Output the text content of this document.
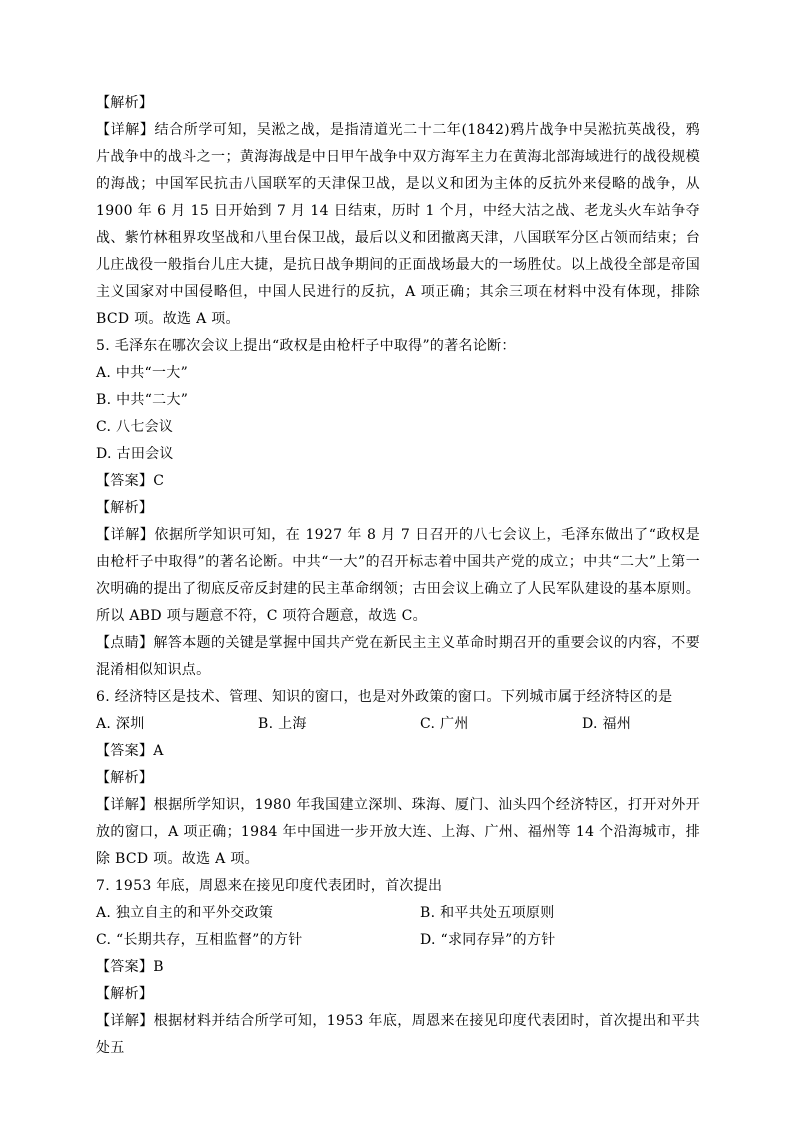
【解析】
【详解】结合所学可知，吴淞之战，是指清道光二十二年(1842)鸦片战争中吴淞抗英战役，鸦片战争中的战斗之一；黄海海战是中日甲午战争中双方海军主力在黄海北部海域进行的战役规模的海战；中国军民抗击八国联军的天津保卫战，是以义和团为主体的反抗外来侵略的战争，从 1900 年 6 月 15 日开始到 7 月 14 日结束，历时 1 个月，中经大沽之战、老龙头火车站争夺战、紫竹林租界攻坚战和八里台保卫战，最后以义和团撤离天津，八国联军分区占领而结束；台儿庄战役一般指台儿庄大捷，是抗日战争期间的正面战场最大的一场胜仗。以上战役全部是帝国主义国家对中国侵略但，中国人民进行的反抗，A 项正确；其余三项在材料中没有体现，排除 BCD 项。故选 A 项。
5. 毛泽东在哪次会议上提出“政权是由枪杆子中取得”的著名论断：
A. 中共“一大”
B. 中共“二大”
C. 八七会议
D. 古田会议
【答案】C
【解析】
【详解】依据所学知识可知，在 1927 年 8 月 7 日召开的八七会议上，毛泽东做出了“政权是由枪杆子中取得”的著名论断。中共“一大”的召开标志着中国共产党的成立；中共“二大”上第一次明确的提出了彻底反帝反封建的民主革命纲领；古田会议上确立了人民军队建设的基本原则。所以 ABD 项与题意不符，C 项符合题意，故选 C。
【点睛】解答本题的关键是掌握中国共产党在新民主主义革命时期召开的重要会议的内容，不要混淆相似知识点。
6. 经济特区是技术、管理、知识的窗口，也是对外政策的窗口。下列城市属于经济特区的是
A. 深圳	B. 上海	C. 广州	D. 福州
【答案】A
【解析】
【详解】根据所学知识，1980 年我国建立深圳、珠海、厦门、汕头四个经济特区，打开对外开放的窗口，A 项正确；1984 年中国进一步开放大连、上海、广州、福州等 14 个沿海城市，排除 BCD 项。故选 A 项。
7. 1953 年底，周恩来在接见印度代表团时，首次提出
A. 独立自主的和平外交政策	B. 和平共处五项原则
C. “长期共存，互相监督”的方针	D. “求同存异”的方针
【答案】B
【解析】
【详解】根据材料并结合所学可知，1953 年底，周恩来在接见印度代表团时，首次提出和平共处五
